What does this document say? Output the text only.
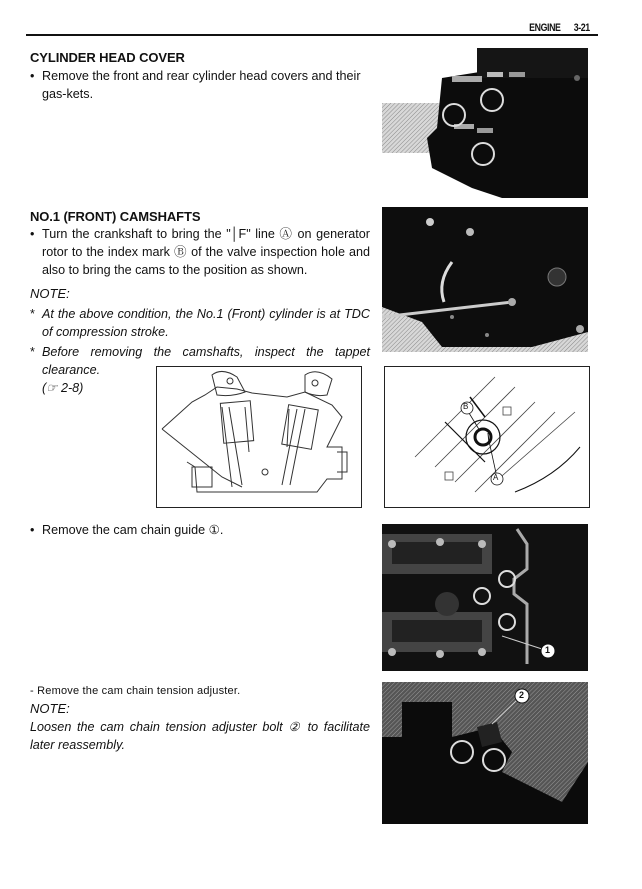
ENGINE 3-21
CYLINDER HEAD COVER
• Remove the front and rear cylinder head covers and their gas-kets.
NO.1 (FRONT) CAMSHAFTS
• Turn the crankshaft to bring the "│F" line Ⓐ on generator rotor to the index mark Ⓑ of the valve inspection hole and also to bring the cams to the position as shown.
NOTE:
* At the above condition, the No.1 (Front) cylinder is at TDC of compression stroke.
* Before removing the camshafts, inspect the tappet clearance.
(☞ 2-8)
B
A
• Remove the cam chain guide ①.
1
- Remove the cam chain tension adjuster.
NOTE:
Loosen the cam chain tension adjuster bolt ② to facilitate later reassembly.
2
